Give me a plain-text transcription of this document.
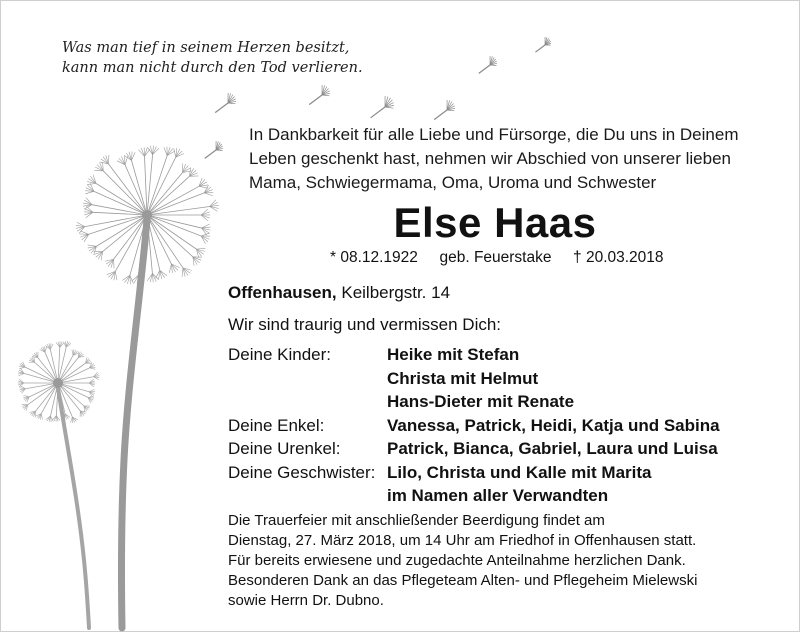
Was man tief in seinem Herzen besitzt,
kann man nicht durch den Tod verlieren.
In Dankbarkeit für alle Liebe und Fürsorge, die Du uns in Deinem
Leben geschenkt hast, nehmen wir Abschied von unserer lieben
Mama, Schwiegermama, Oma, Uroma und Schwester
Else Haas
* 08.12.1922 geb. Feuerstake † 20.03.2018
Offenhausen, Keilbergstr. 14
Wir sind traurig und vermissen Dich:
Deine Kinder:	Heike mit Stefan
Christa mit Helmut
Hans-Dieter mit Renate
Deine Enkel:	Vanessa, Patrick, Heidi, Katja und Sabina
Deine Urenkel:	Patrick, Bianca, Gabriel, Laura und Luisa
Deine Geschwister: Lilo, Christa und Kalle mit Marita
im Namen aller Verwandten
Die Trauerfeier mit anschließender Beerdigung findet am
Dienstag, 27. März 2018, um 14 Uhr am Friedhof in Offenhausen statt.
Für bereits erwiesene und zugedachte Anteilnahme herzlichen Dank.
Besonderen Dank an das Pflegeteam Alten- und Pflegeheim Mielewski
sowie Herrn Dr. Dubno.
